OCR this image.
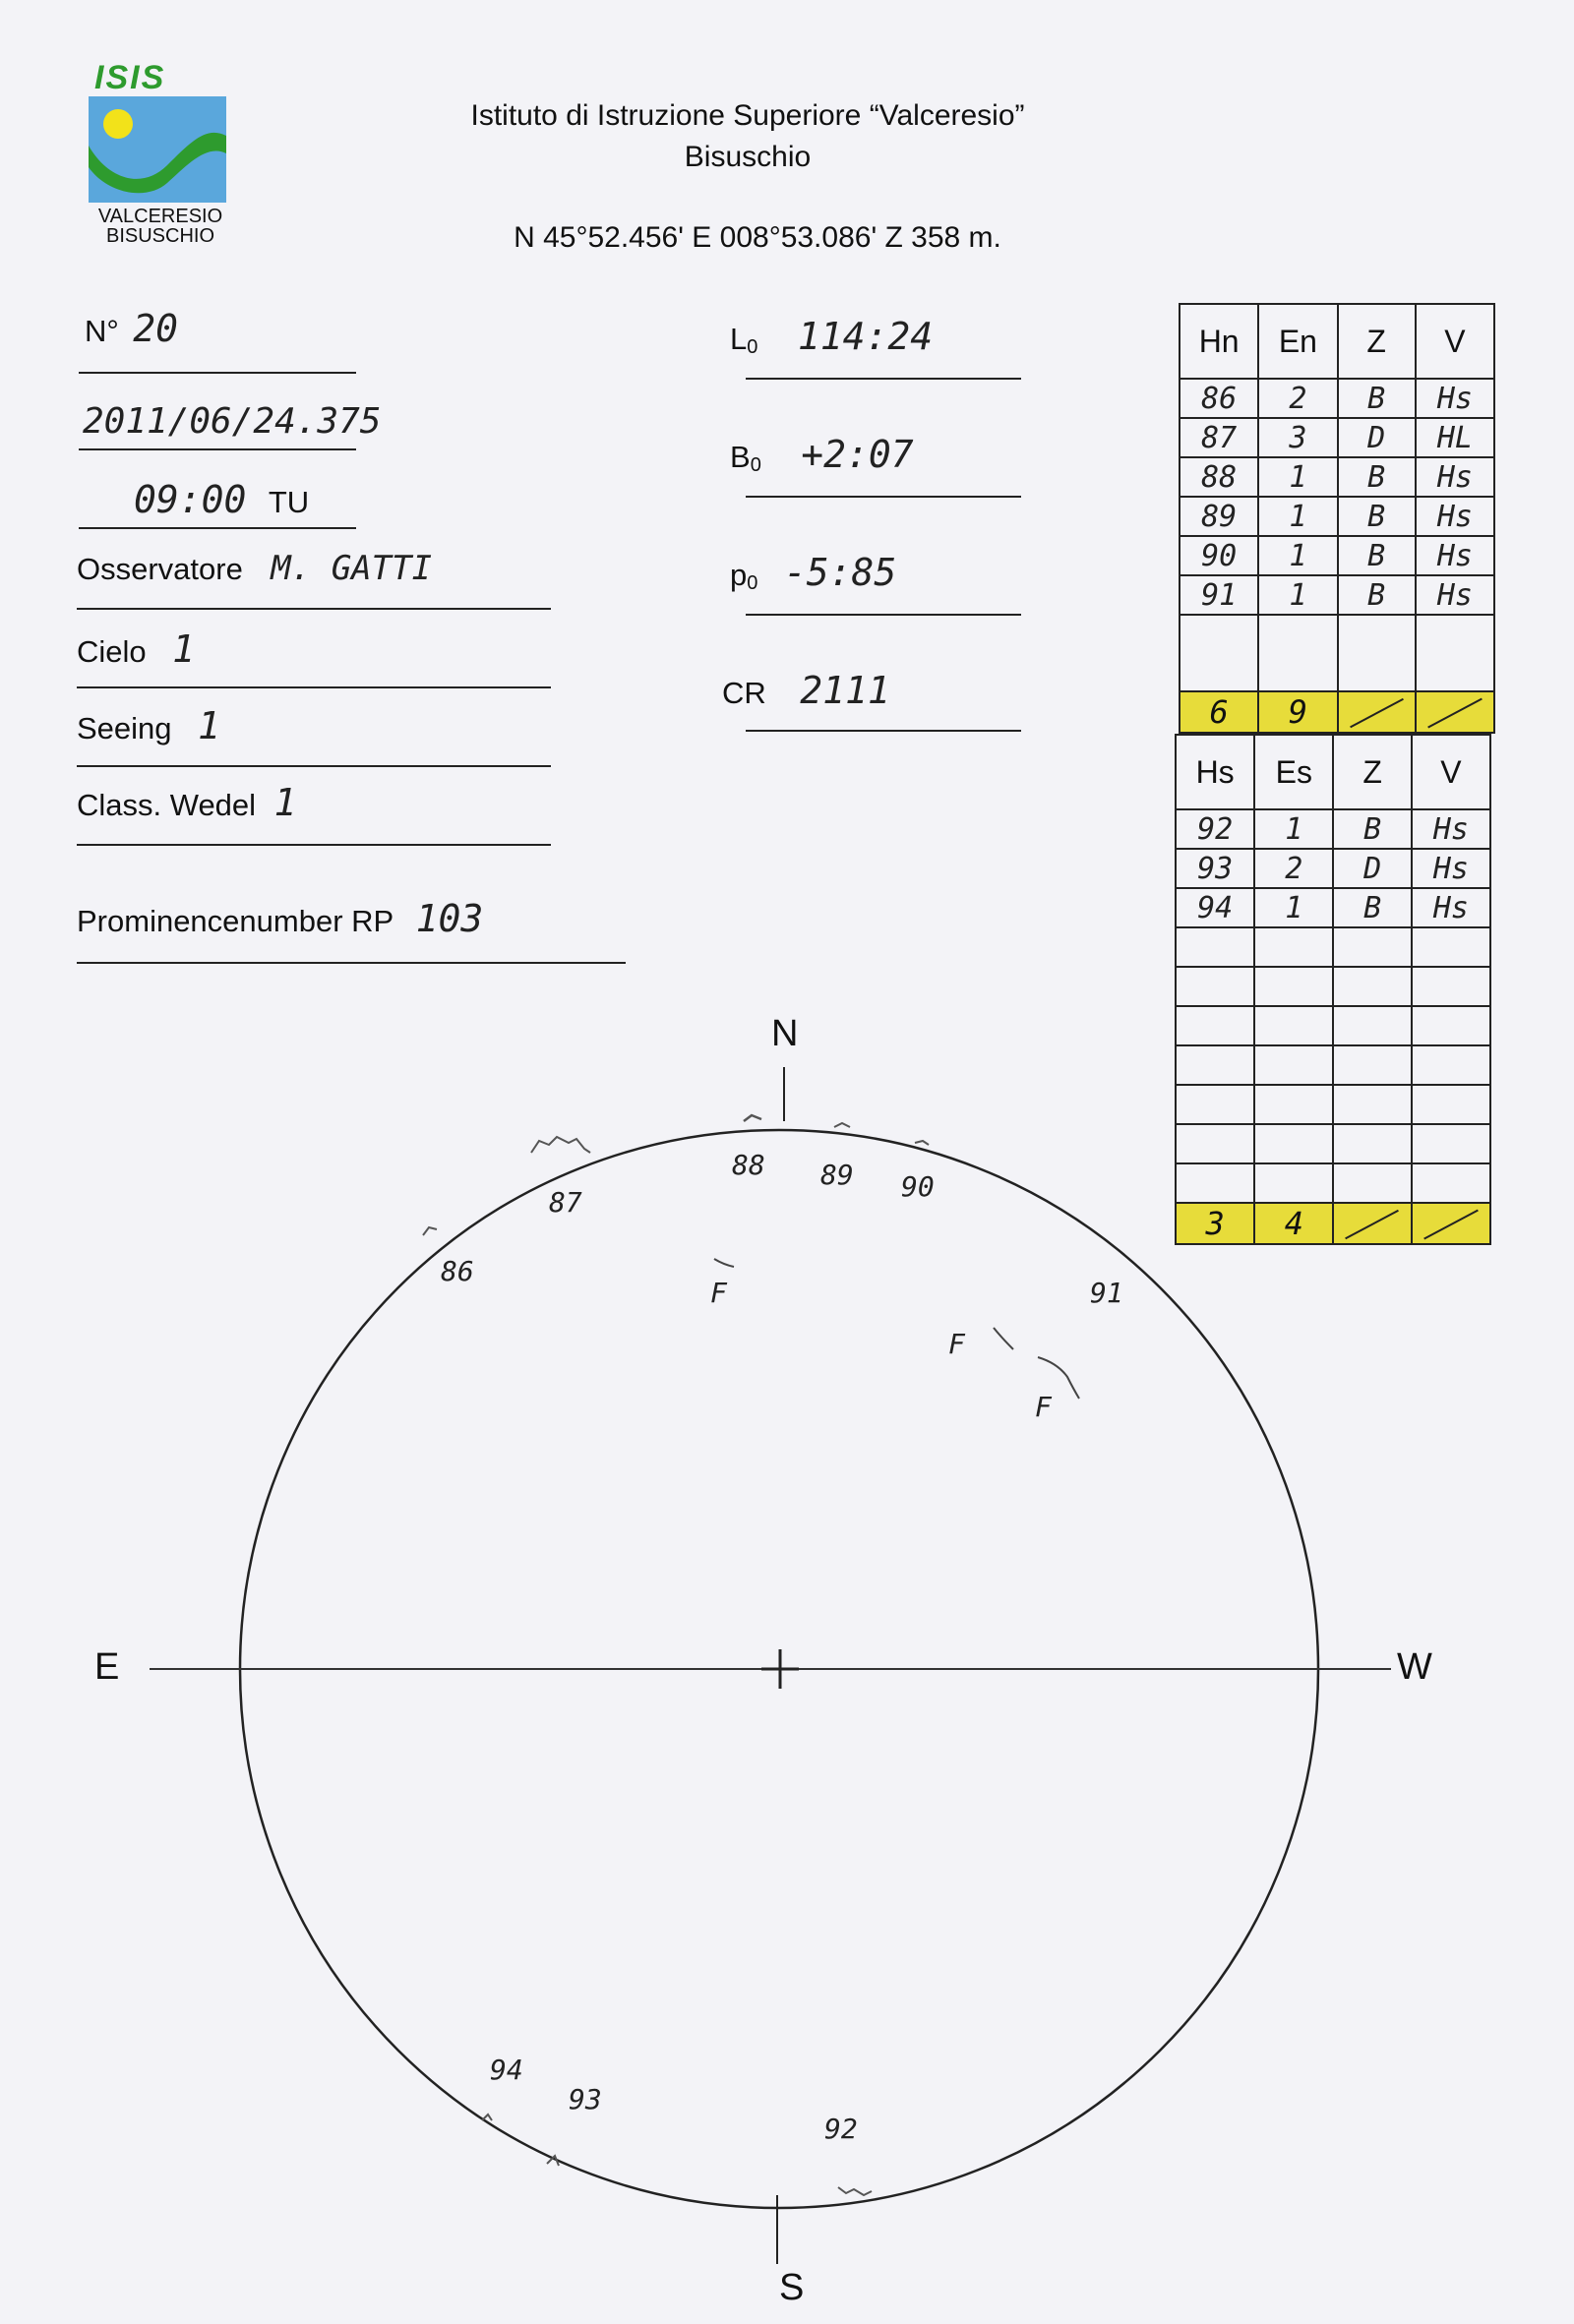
ISIS
VALCERESIO
BISUSCHIO
Istituto di Istruzione Superiore “Valceresio”
Bisuschio
N 45°52.456' E 008°53.086' Z 358 m.
N° 20
2011/06/24.375
09:00 TU
Osservatore M. GATTI
Cielo 1
Seeing 1
Class. Wedel 1
Prominencenumber RP 103
$L_0$ 114:24
$B_0$ +2:07
$p_0$ -5:85
CR 2111
Hn	En	Z	V
86	2	B	Hs
87	3	D	HL
88	1	B	Hs
89	1	B	Hs
90	1	B	Hs
91	1	B	Hs

6	9	

Hs	Es	Z	V
92	1	B	Hs
93	2	D	Hs
94	1	B	Hs

3	4	

N
S
E	W
86
87
88 89 90
91
92
93
94
F
F
F
